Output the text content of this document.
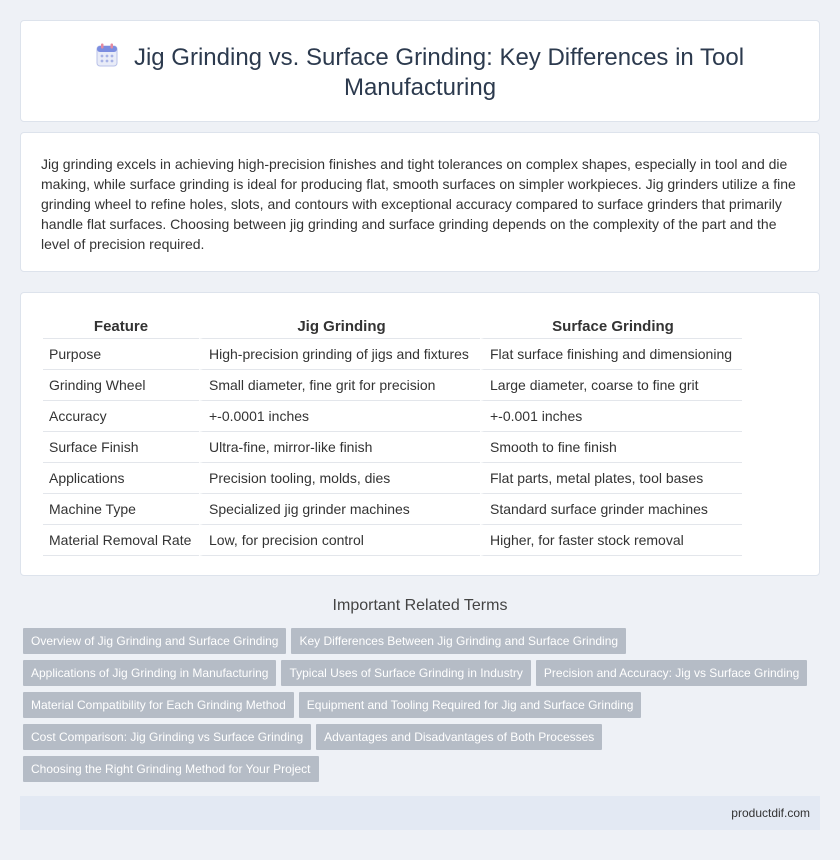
Jig Grinding vs. Surface Grinding: Key Differences in Tool Manufacturing

Jig grinding excels in achieving high-precision finishes and tight tolerances on complex shapes, especially in tool and die making, while surface grinding is ideal for producing flat, smooth surfaces on simpler workpieces. Jig grinders utilize a fine grinding wheel to refine holes, slots, and contours with exceptional accuracy compared to surface grinders that primarily handle flat surfaces. Choosing between jig grinding and surface grinding depends on the complexity of the part and the level of precision required.

Feature	Jig Grinding	Surface Grinding
Purpose	High-precision grinding of jigs and fixtures	Flat surface finishing and dimensioning
Grinding Wheel	Small diameter, fine grit for precision	Large diameter, coarse to fine grit
Accuracy	+-0.0001 inches	+-0.001 inches
Surface Finish	Ultra-fine, mirror-like finish	Smooth to fine finish
Applications	Precision tooling, molds, dies	Flat parts, metal plates, tool bases
Machine Type	Specialized jig grinder machines	Standard surface grinder machines
Material Removal Rate	Low, for precision control	Higher, for faster stock removal
Important Related Terms
Overview of Jig Grinding and Surface Grinding Key Differences Between Jig Grinding and Surface Grinding
Applications of Jig Grinding in Manufacturing Typical Uses of Surface Grinding in Industry Precision and Accuracy: Jig vs Surface Grinding
Material Compatibility for Each Grinding Method Equipment and Tooling Required for Jig and Surface Grinding
Cost Comparison: Jig Grinding vs Surface Grinding Advantages and Disadvantages of Both Processes
Choosing the Right Grinding Method for Your Project
productdif.com
